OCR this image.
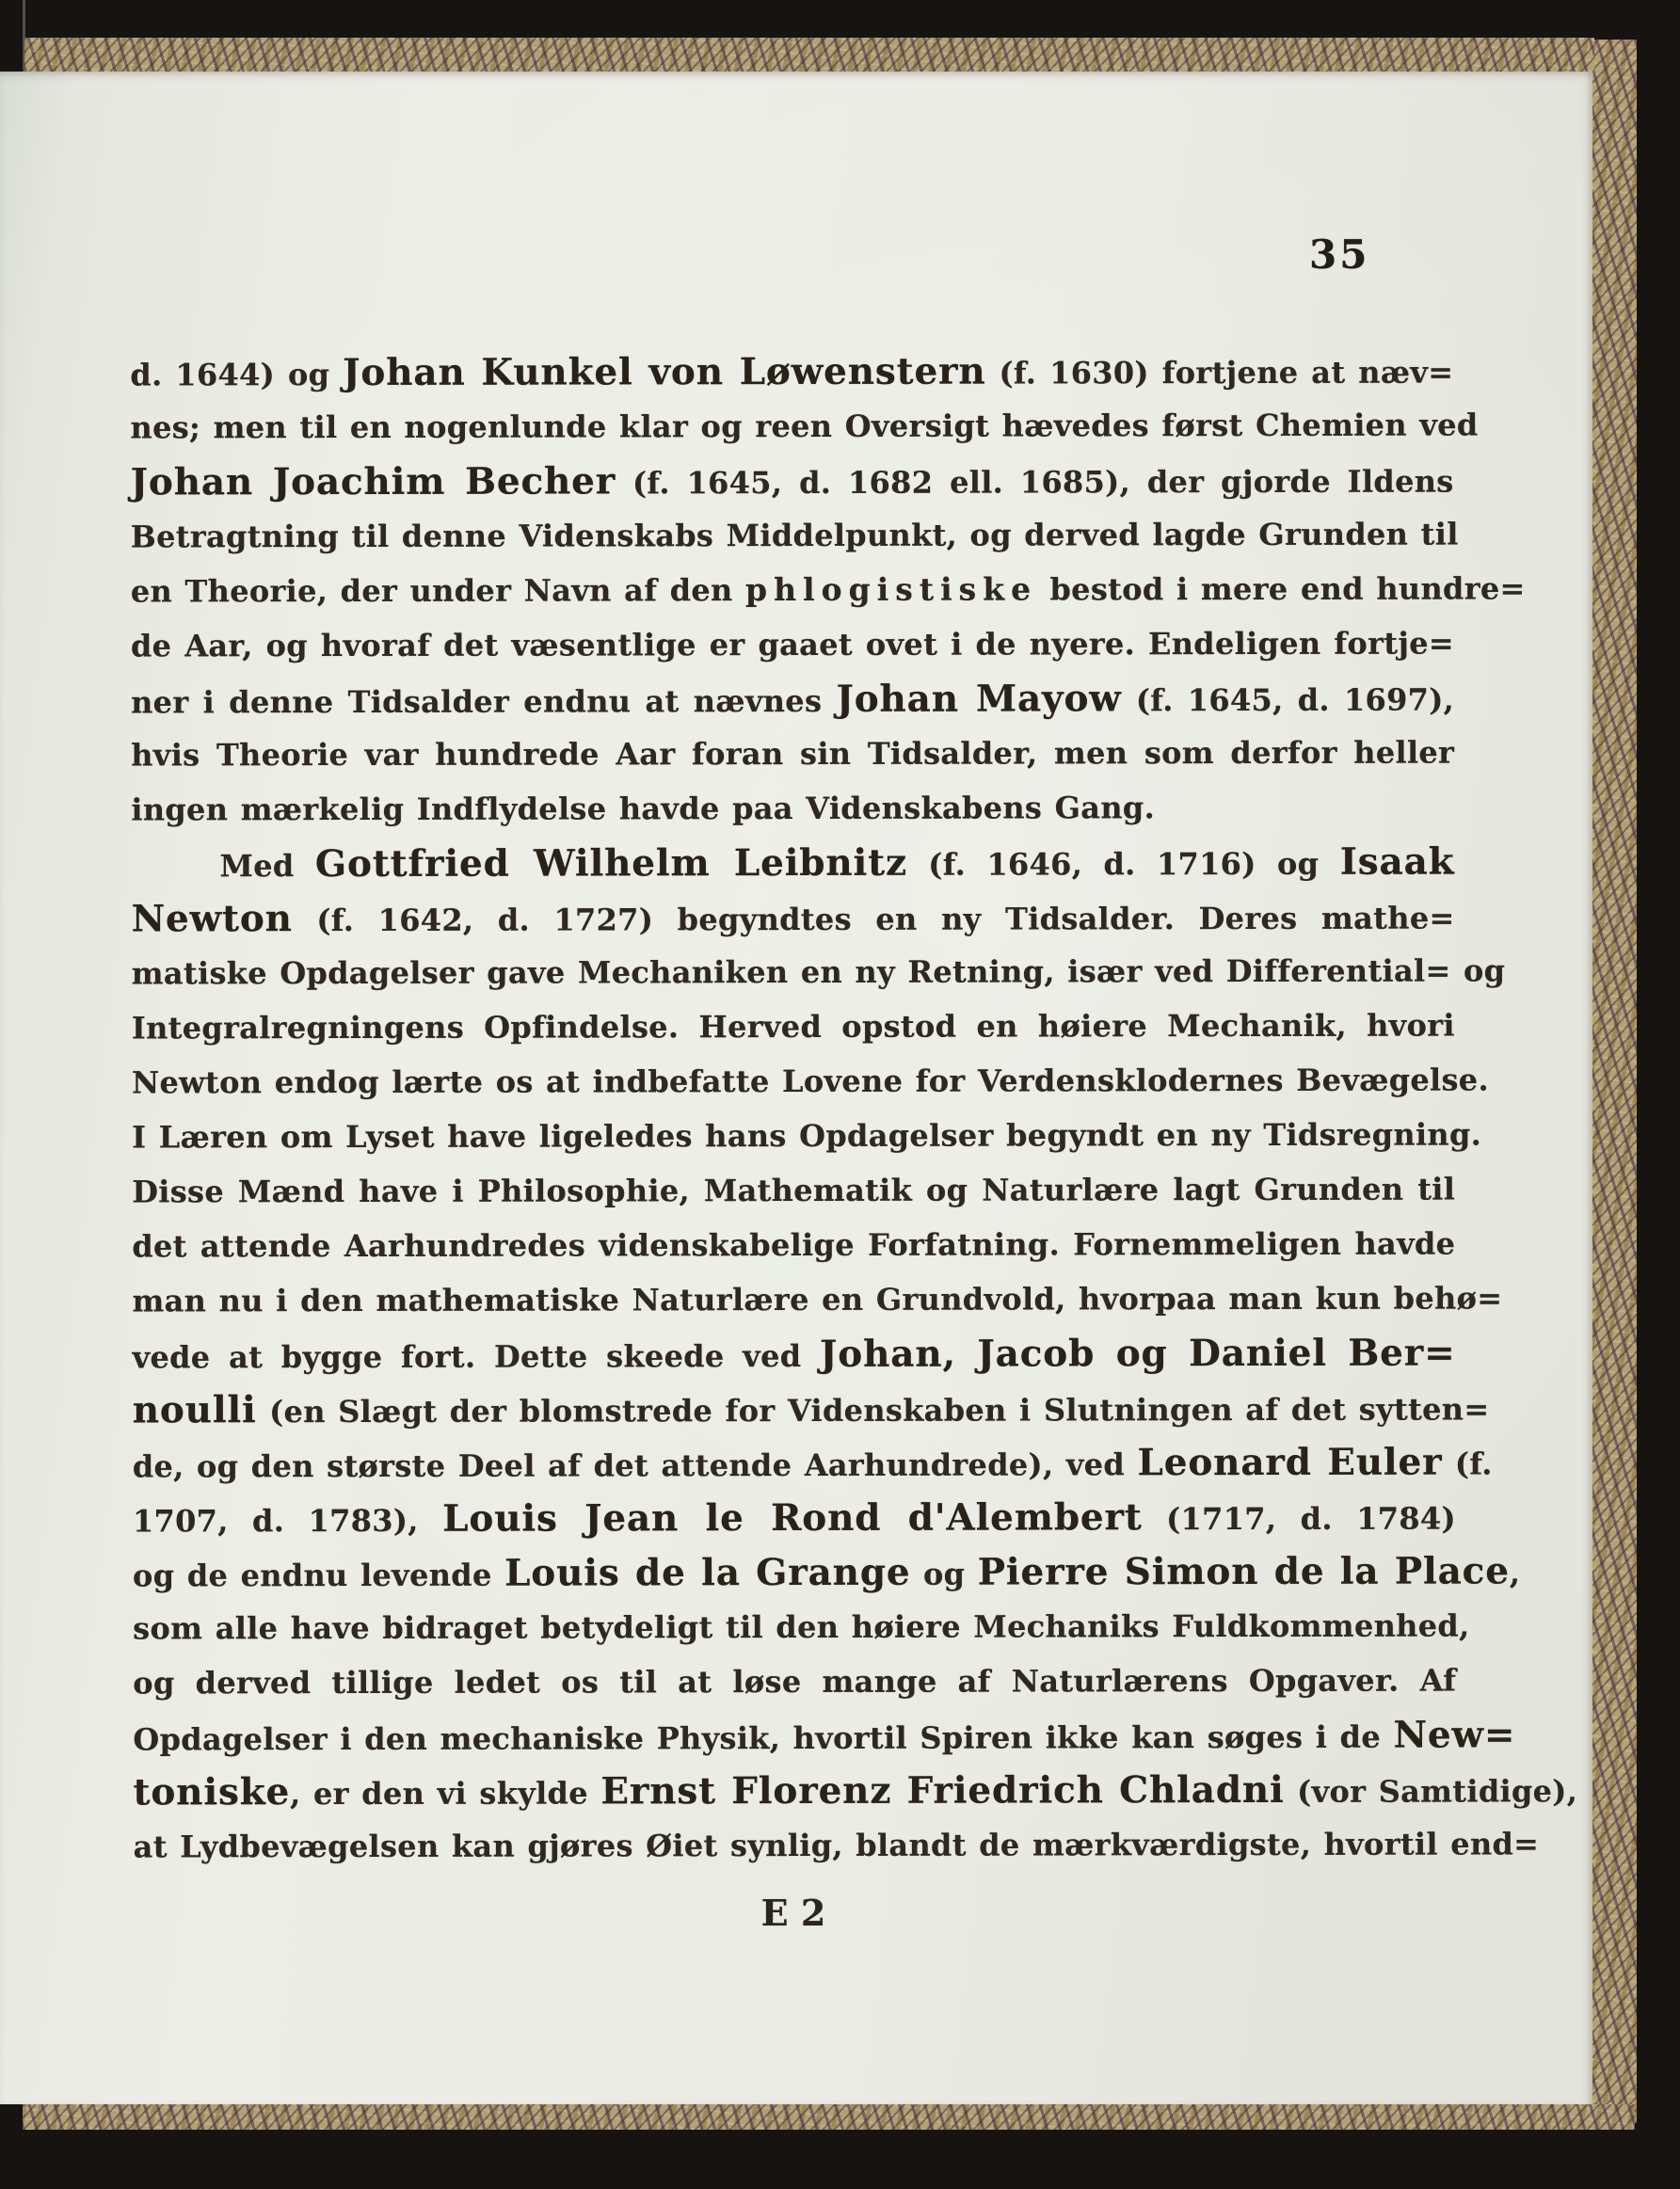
35
d. 1644) og Johan Kunkel von Løwenstern (f. 1630) fortjene at næv=
nes; men til en nogenlunde klar og reen Oversigt hævedes først Chemien ved
Johan Joachim Becher (f. 1645, d. 1682 ell. 1685), der gjorde Ildens
Betragtning til denne Videnskabs Middelpunkt, og derved lagde Grunden til
en Theorie, der under Navn af den phlogistiske bestod i mere end hundre=
de Aar, og hvoraf det væsentlige er gaaet ovet i de nyere. Endeligen fortje=
ner i denne Tidsalder endnu at nævnes Johan Mayow (f. 1645, d. 1697),
hvis Theorie var hundrede Aar foran sin Tidsalder, men som derfor heller
ingen mærkelig Indflydelse havde paa Videnskabens Gang.
Med Gottfried Wilhelm Leibnitz (f. 1646, d. 1716) og Isaak
Newton (f. 1642, d. 1727) begyndtes en ny Tidsalder. Deres mathe=
matiske Opdagelser gave Mechaniken en ny Retning, især ved Differential= og
Integralregningens Opfindelse. Herved opstod en høiere Mechanik, hvori
Newton endog lærte os at indbefatte Lovene for Verdensklodernes Bevægelse.
I Læren om Lyset have ligeledes hans Opdagelser begyndt en ny Tidsregning.
Disse Mænd have i Philosophie, Mathematik og Naturlære lagt Grunden til
det attende Aarhundredes videnskabelige Forfatning. Fornemmeligen havde
man nu i den mathematiske Naturlære en Grundvold, hvorpaa man kun behø=
vede at bygge fort. Dette skeede ved Johan, Jacob og Daniel Ber=
noulli (en Slægt der blomstrede for Videnskaben i Slutningen af det sytten=
de, og den største Deel af det attende Aarhundrede), ved Leonard Euler (f.
1707, d. 1783), Louis Jean le Rond d'Alembert (1717, d. 1784)
og de endnu levende Louis de la Grange og Pierre Simon de la Place,
som alle have bidraget betydeligt til den høiere Mechaniks Fuldkommenhed,
og derved tillige ledet os til at løse mange af Naturlærens Opgaver. Af
Opdagelser i den mechaniske Physik, hvortil Spiren ikke kan søges i de New=
toniske, er den vi skylde Ernst Florenz Friedrich Chladni (vor Samtidige),
at Lydbevægelsen kan gjøres Øiet synlig, blandt de mærkværdigste, hvortil end=
E 2
